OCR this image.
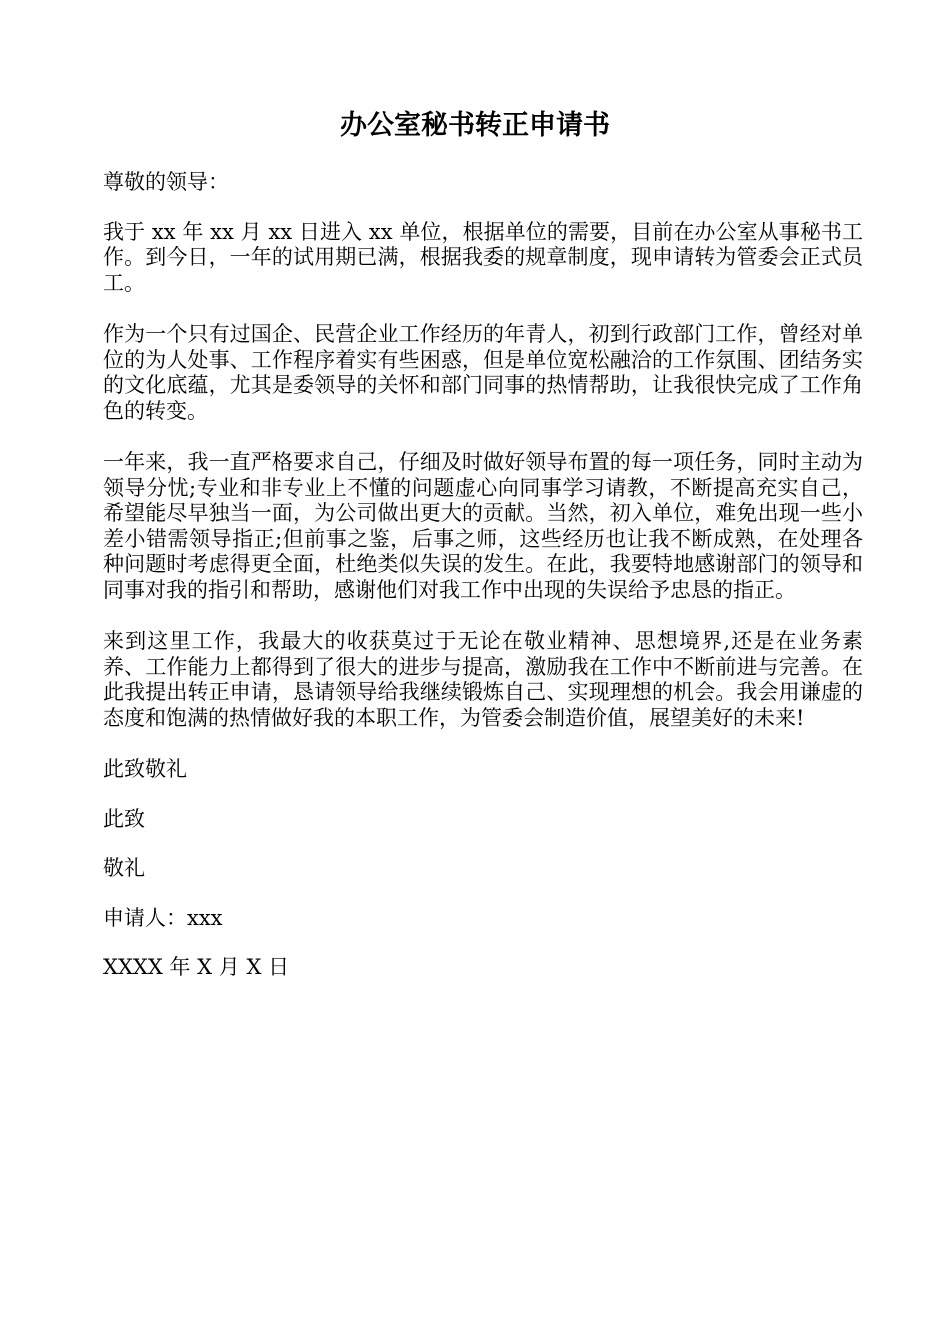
办公室秘书转正申请书

尊敬的领导：

我于 xx 年 xx 月 xx 日进入 xx 单位，根据单位的需要，目前在办公室从事秘书工作。到今日，一年的试用期已满，根据我委的规章制度，现申请转为管委会正式员工。

作为一个只有过国企、民营企业工作经历的年青人，初到行政部门工作，曾经对单位的为人处事、工作程序着实有些困惑，但是单位宽松融洽的工作氛围、团结务实的文化底蕴，尤其是委领导的关怀和部门同事的热情帮助，让我很快完成了工作角色的转变。

一年来，我一直严格要求自己，仔细及时做好领导布置的每一项任务，同时主动为领导分忧;专业和非专业上不懂的问题虚心向同事学习请教，不断提高充实自己，希望能尽早独当一面，为公司做出更大的贡献。当然，初入单位，难免出现一些小差小错需领导指正;但前事之鉴，后事之师，这些经历也让我不断成熟，在处理各种问题时考虑得更全面，杜绝类似失误的发生。在此，我要特地感谢部门的领导和同事对我的指引和帮助，感谢他们对我工作中出现的失误给予忠恳的指正。

来到这里工作，我最大的收获莫过于无论在敬业精神、思想境界,还是在业务素养、工作能力上都得到了很大的进步与提高，激励我在工作中不断前进与完善。在此我提出转正申请，恳请领导给我继续锻炼自己、实现理想的机会。我会用谦虚的态度和饱满的热情做好我的本职工作，为管委会制造价值，展望美好的未来!

此致敬礼

此致

敬礼

申请人：xxx

XXXX 年 X 月 X 日
